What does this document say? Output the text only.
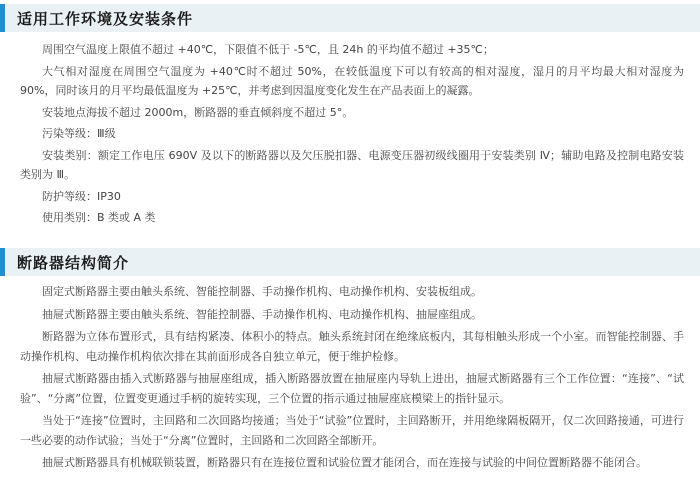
适用工作环境及安装条件

周围空气温度上限值不超过 +40℃，下限值不低于 -5℃，且 24h 的平均值不超过 +35℃；

大气相对湿度在周围空气温度为 +40℃时不超过 50%，在较低温度下可以有较高的相对湿度，湿月的月平均最大相对湿度为 90%，同时该月的月平均最低温度为 +25℃，并考虑到因温度变化发生在产品表面上的凝露。

安装地点海拔不超过 2000m，断路器的垂直倾斜度不超过 5°。

污染等级：Ⅲ级

安装类别：额定工作电压 690V 及以下的断路器以及欠压脱扣器、电源变压器初级线圈用于安装类别 Ⅳ；辅助电路及控制电路安装类别为 Ⅲ。

防护等级：IP30

使用类别：B 类或 A 类

断路器结构简介

固定式断路器主要由触头系统、智能控制器、手动操作机构、电动操作机构、安装板组成。

抽屉式断路器主要由触头系统、智能控制器、手动操作机构、电动操作机构、抽屉座组成。

断路器为立体布置形式，具有结构紧凑、体积小的特点。触头系统封闭在绝缘底板内，其每相触头形成一个小室。而智能控制器、手动操作机构、电动操作机构依次排在其前面形成各自独立单元，便于维护检修。

抽屉式断路器由插入式断路器与抽屉座组成，插入断路器放置在抽屉座内导轨上进出，抽屉式断路器有三个工作位置：“连接”、“试验”、“分离”位置，位置变更通过手柄的旋转实现，三个位置的指示通过抽屉座底模梁上的指针显示。

当处于“连接”位置时，主回路和二次回路均接通；当处于“试验”位置时，主回路断开，并用绝缘隔板隔开，仅二次回路接通，可进行一些必要的动作试验；当处于“分离”位置时，主回路和二次回路全部断开。

抽屉式断路器具有机械联锁装置，断路器只有在连接位置和试验位置才能闭合，而在连接与试验的中间位置断路器不能闭合。
